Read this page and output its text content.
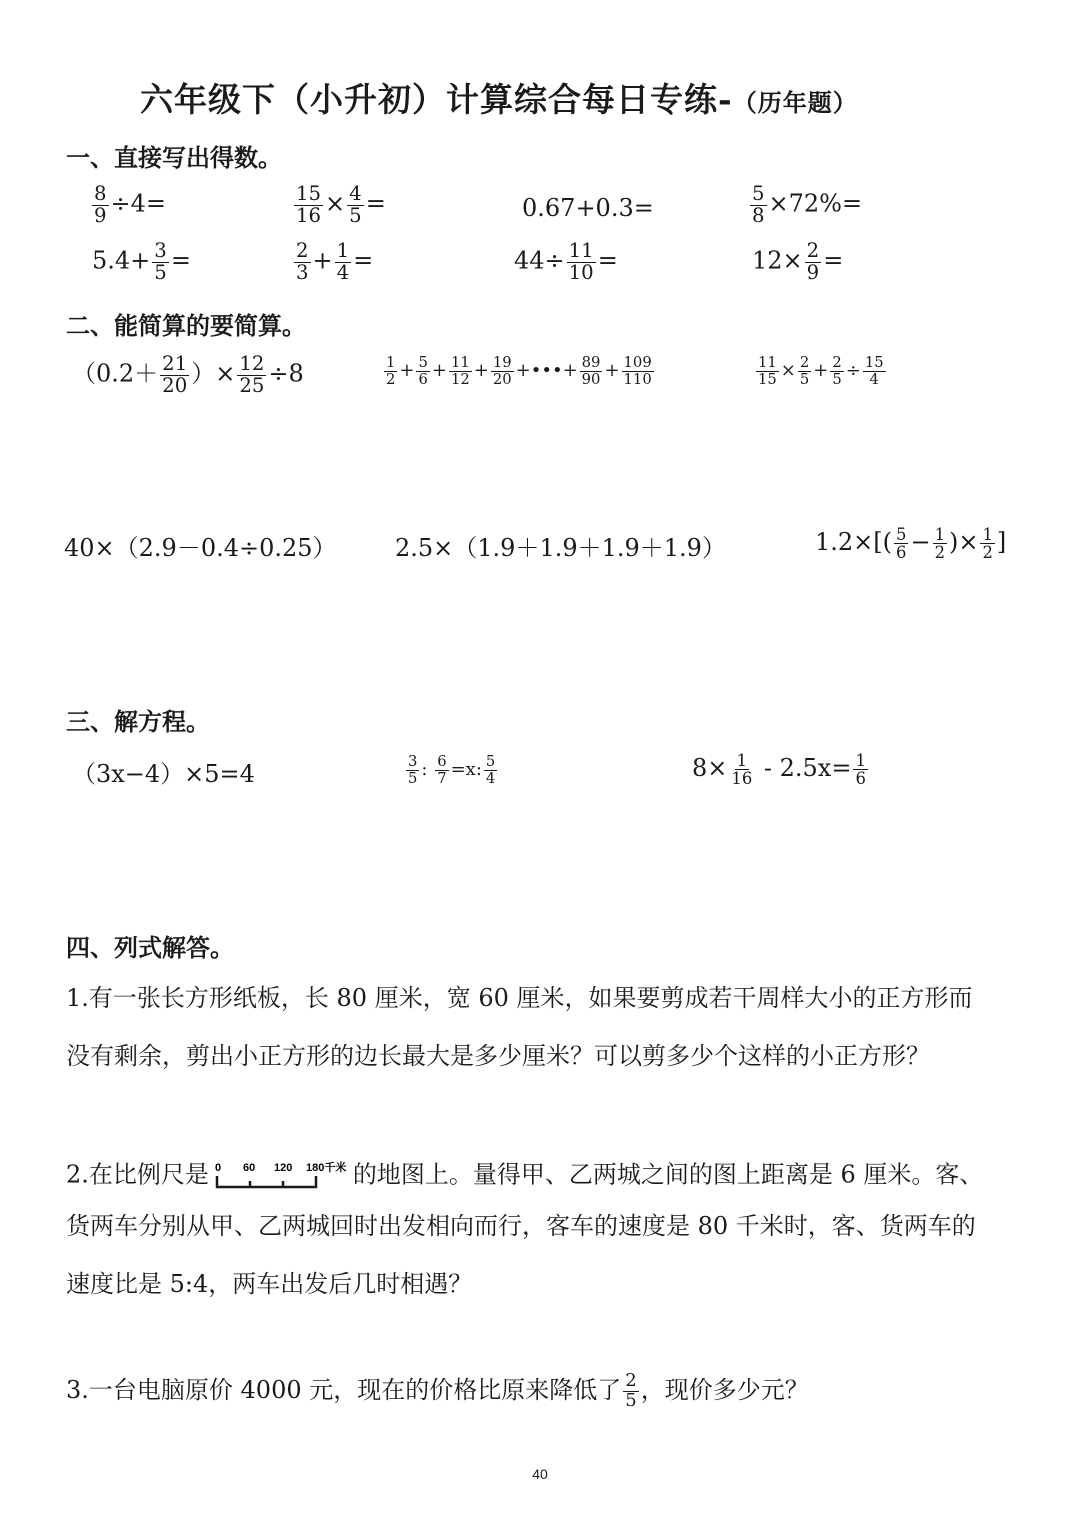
六年级下（小升初）计算综合每日专练-（历年题）
一、直接写出得数。
$\frac{8}{9} \div 4=$	$\frac{15}{16} \times \frac{4}{5}$ =	0.67+0.3=	$\frac{5}{8} \times 72\%=$
$5.4+ \frac{3}{5}$ =	$\frac{2}{3} + \frac{1}{4}$ =	$44\div \frac{11}{10}$ =	$12\times \frac{2}{9}$ =
二、能简算的要简算。
（$0.2+ \frac{21}{20}$ ）× $\frac{12}{25} \div 8$	$\frac{1}{2} + \frac{5}{6} + \frac{11}{12} + \frac{19}{20}$ +•••+ $\frac{89}{90} + \frac{109}{110}$	$\frac{11}{15} \times \frac{2}{5} + \frac{2}{5} \div \frac{15}{4}$
40×（2.9－0.4÷0.25） 2.5×（1.9＋1.9＋1.9＋1.9）	$1.2\times[( \frac{5}{6} - \frac{1}{2}$ )× $\frac{1}{2}$ ]
三、解方程。
（3x−4）×5=4	$\frac{3}{5}$ : $\frac{6}{7} =x$: $\frac{5}{4}$	$8\times \frac{1}{16} - 2.5x= \frac{1}{6}$
四、列式解答。
1.有一张长方形纸板，长 80 厘米，宽 60 厘米，如果要剪成若干周样大小的正方形而
没有剩余，剪出小正方形的边长最大是多少厘米？可以剪多少个这样的小正方形？
2.在比例尺是 0 60 120 180千米 的地图上。量得甲、乙两城之间的图上距离是 6 厘米。客、
货两车分别从甲、乙两城回时出发相向而行，客车的速度是 80 千米时，客、货两车的
速度比是 5:4，两车出发后几时相遇？
3.一台电脑原价 4000 元，现在的价格比原来降低了 $\frac{2}{5}$ ，现价多少元？
40
